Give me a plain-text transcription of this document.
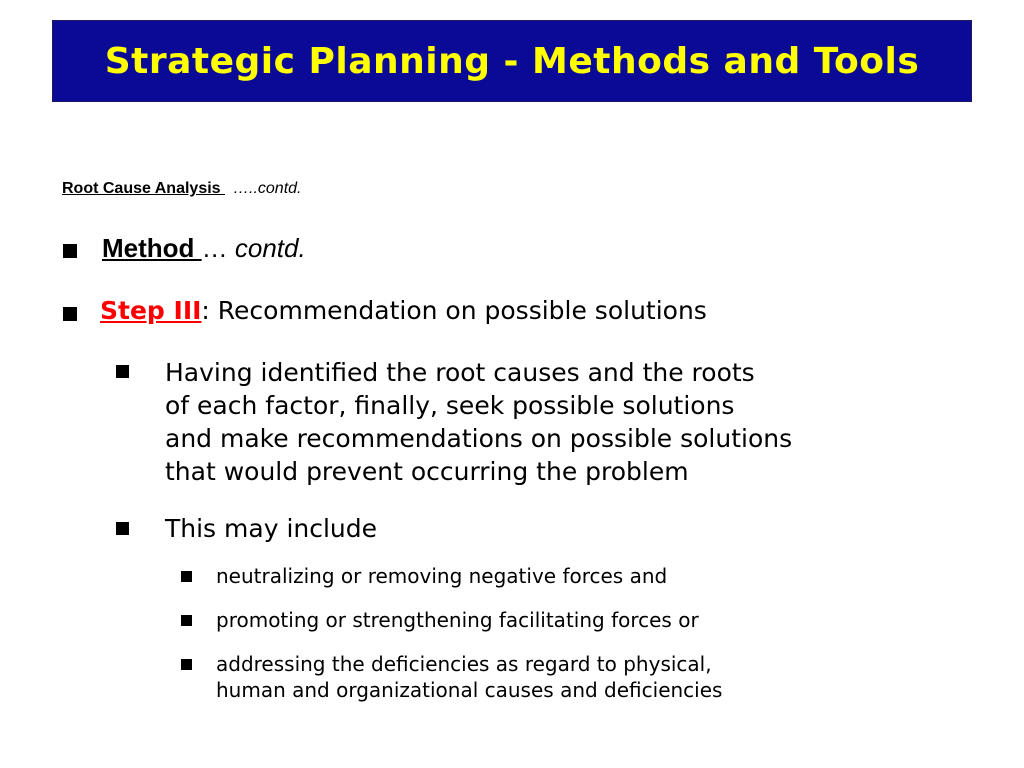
Strategic Planning - Methods and Tools
Root Cause Analysis …..contd.
Method … contd.
Step III: Recommendation on possible solutions
Having identified the root causes and the roots
of each factor, finally, seek possible solutions
and make recommendations on possible solutions
that would prevent occurring the problem
This may include
neutralizing or removing negative forces and
promoting or strengthening facilitating forces or
addressing the deficiencies as regard to physical,
human and organizational causes and deficiencies
